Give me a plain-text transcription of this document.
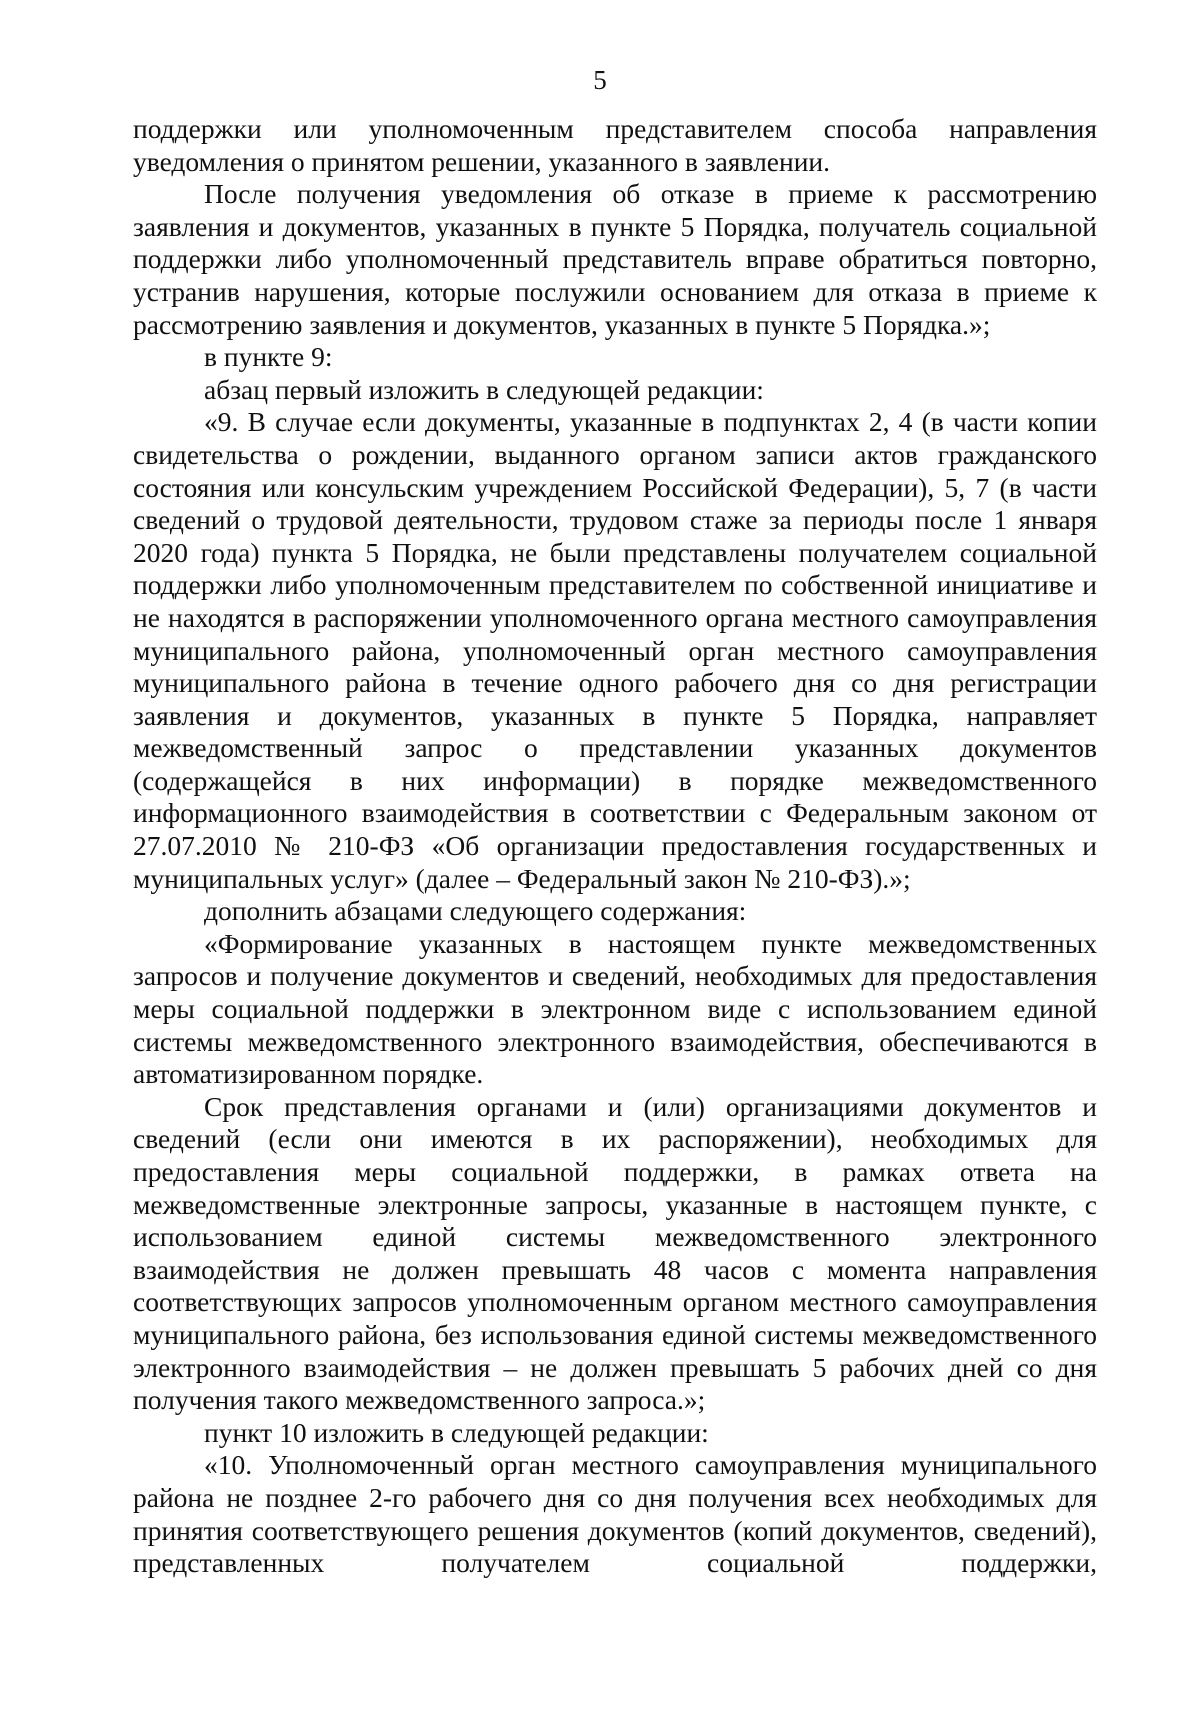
5

поддержки или уполномоченным представителем способа направления уведомления о принятом решении, указанного в заявлении.

После получения уведомления об отказе в приеме к рассмотрению заявления и документов, указанных в пункте 5 Порядка, получатель социальной поддержки либо уполномоченный представитель вправе обратиться повторно, устранив нарушения, которые послужили основанием для отказа в приеме к рассмотрению заявления и документов, указанных в пункте 5 Порядка.»;

в пункте 9:

абзац первый изложить в следующей редакции:

«9. В случае если документы, указанные в подпунктах 2, 4 (в части копии свидетельства о рождении, выданного органом записи актов гражданского состояния или консульским учреждением Российской Федерации), 5, 7 (в части сведений о трудовой деятельности, трудовом стаже за периоды после 1 января 2020 года) пункта 5 Порядка, не были представлены получателем социальной поддержки либо уполномоченным представителем по собственной инициативе и не находятся в распоряжении уполномоченного органа местного самоуправления муниципального района, уполномоченный орган местного самоуправления муниципального района в течение одного рабочего дня со дня регистрации заявления и документов, указанных в пункте 5 Порядка, направляет межведомственный запрос о представлении указанных документов (содержащейся в них информации) в порядке межведомственного информационного взаимодействия в соответствии с Федеральным законом от 27.07.2010 № 210-ФЗ «Об организации предоставления государственных и муниципальных услуг» (далее – Федеральный закон № 210-ФЗ).»;

дополнить абзацами следующего содержания:

«Формирование указанных в настоящем пункте межведомственных запросов и получение документов и сведений, необходимых для предоставления меры социальной поддержки в электронном виде с использованием единой системы межведомственного электронного взаимодействия, обеспечиваются в автоматизированном порядке.

Срок представления органами и (или) организациями документов и сведений (если они имеются в их распоряжении), необходимых для предоставления меры социальной поддержки, в рамках ответа на межведомственные электронные запросы, указанные в настоящем пункте, с использованием единой системы межведомственного электронного взаимодействия не должен превышать 48 часов с момента направления соответствующих запросов уполномоченным органом местного самоуправления муниципального района, без использования единой системы межведомственного электронного взаимодействия – не должен превышать 5 рабочих дней со дня получения такого межведомственного запроса.»;

пункт 10 изложить в следующей редакции:

«10. Уполномоченный орган местного самоуправления муниципального района не позднее 2-го рабочего дня со дня получения всех необходимых для принятия соответствующего решения документов (копий документов, сведений), представленных получателем социальной поддержки,
